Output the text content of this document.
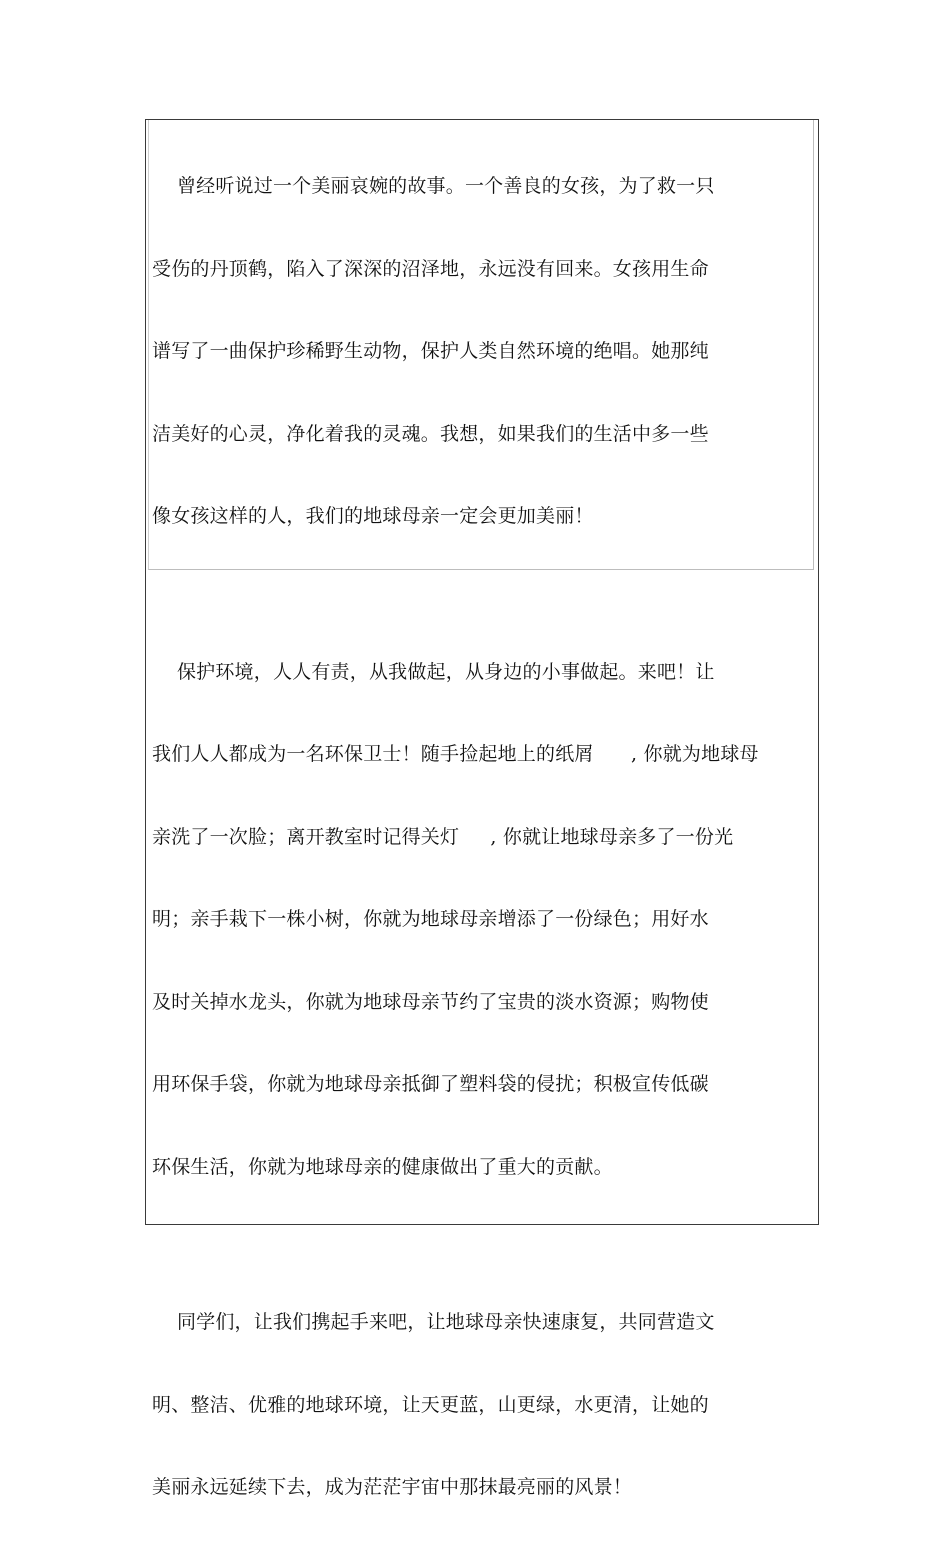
曾经听说过一个美丽哀婉的故事。一个善良的女孩，为了救一只

受伤的丹顶鹤，陷入了深深的沼泽地，永远没有回来。女孩用生命

谱写了一曲保护珍稀野生动物，保护人类自然环境的绝唱。她那纯

洁美好的心灵，净化着我的灵魂。我想，如果我们的生活中多一些

像女孩这样的人，我们的地球母亲一定会更加美丽！

保护环境，人人有责，从我做起，从身边的小事做起。来吧！让

我们人人都成为一名环保卫士！随手捡起地上的纸屑      , 你就为地球母

亲洗了一次脸；离开教室时记得关灯     , 你就让地球母亲多了一份光

明；亲手栽下一株小树，你就为地球母亲增添了一份绿色；用好水

及时关掉水龙头，你就为地球母亲节约了宝贵的淡水资源；购物使

用环保手袋，你就为地球母亲抵御了塑料袋的侵扰；积极宣传低碳

环保生活，你就为地球母亲的健康做出了重大的贡献。

同学们，让我们携起手来吧，让地球母亲快速康复，共同营造文

明、整洁、优雅的地球环境，让天更蓝，山更绿，水更清，让她的

美丽永远延续下去，成为茫茫宇宙中那抹最亮丽的风景！
